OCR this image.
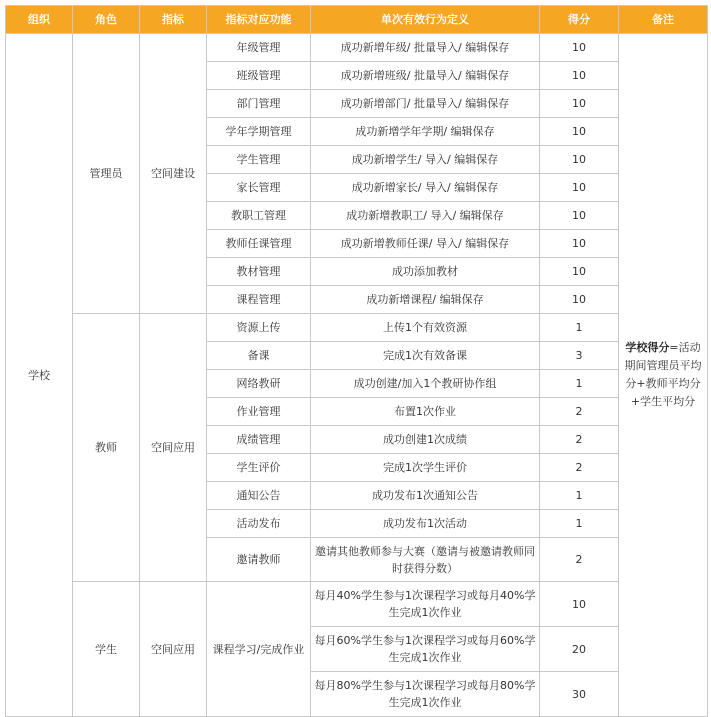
组织	角色	指标	指标对应功能	单次有效行为定义	得分	备注
学校	管理员	空间建设	年级管理	成功新增年级/ 批量导入/ 编辑保存	10	学校得分=活动期间管理员平均分+教师平均分+学生平均分
			班级管理	成功新增班级/ 批量导入/ 编辑保存	10	
			部门管理	成功新增部门/ 批量导入/ 编辑保存	10	
			学年学期管理	成功新增学年学期/ 编辑保存	10	
			学生管理	成功新增学生/ 导入/ 编辑保存	10	
			家长管理	成功新增家长/ 导入/ 编辑保存	10	
			教职工管理	成功新增教职工/ 导入/ 编辑保存	10	
			教师任课管理	成功新增教师任课/ 导入/ 编辑保存	10	
			教材管理	成功添加教材	10	
			课程管理	成功新增课程/ 编辑保存	10	
	教师	空间应用	资源上传	上传1个有效资源	1	
			备课	完成1次有效备课	3	
			网络教研	成功创建/加入1个教研协作组	1	
			作业管理	布置1次作业	2	
			成绩管理	成功创建1次成绩	2	
			学生评价	完成1次学生评价	2	
			通知公告	成功发布1次通知公告	1	
			活动发布	成功发布1次活动	1	
			邀请教师	邀请其他教师参与大赛（邀请与被邀请教师同时获得分数）	2	
	学生	空间应用	课程学习/完成作业	每月40%学生参与1次课程学习或每月40%学生完成1次作业	10	
				每月60%学生参与1次课程学习或每月60%学生完成1次作业	20	
				每月80%学生参与1次课程学习或每月80%学生完成1次作业	30	
